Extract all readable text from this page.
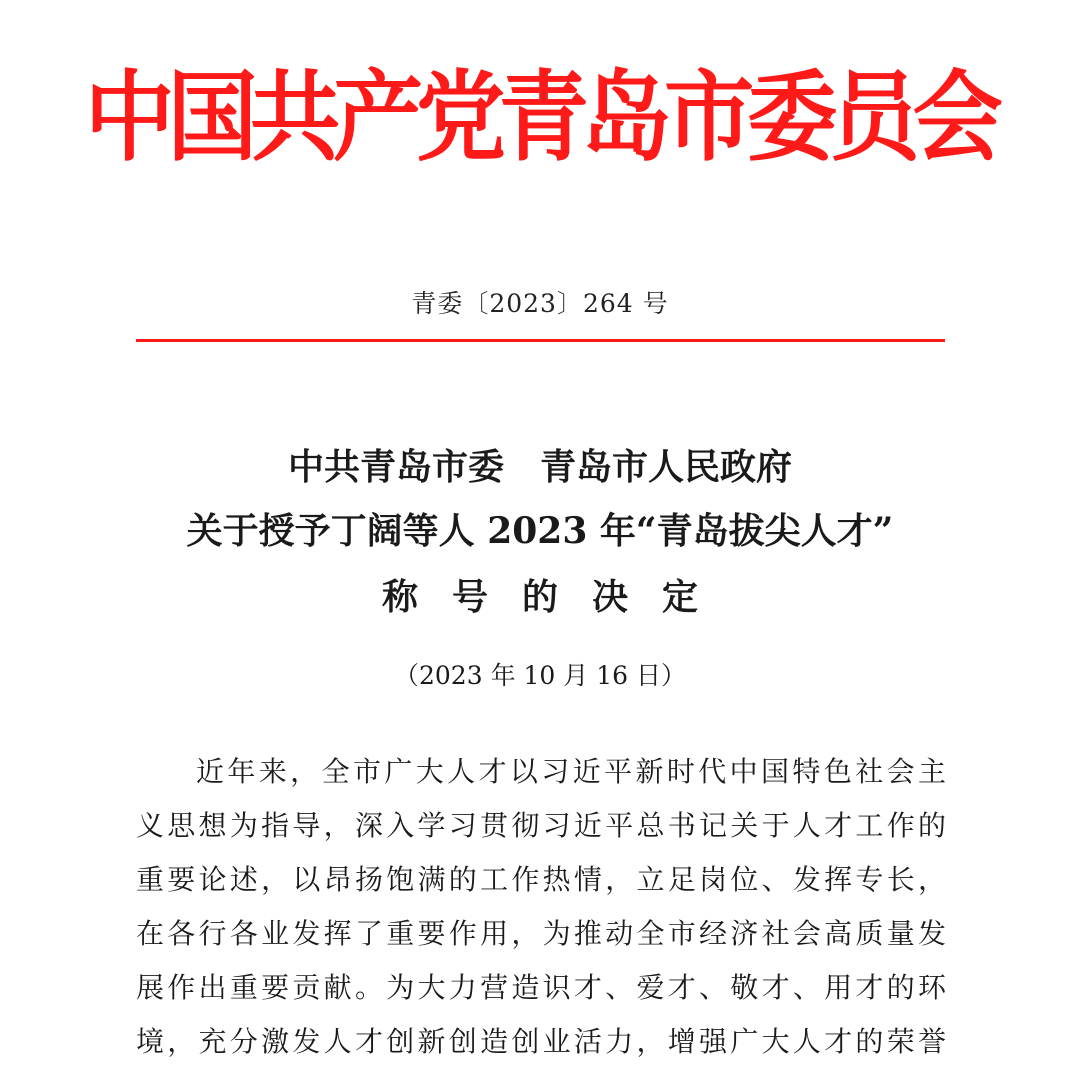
中国共产党青岛市委员会
青委〔2023〕264 号
中共青岛市委　青岛市人民政府
关于授予丁阔等人 2023 年“青岛拔尖人才”
称号的决定
（2023 年 10 月 16 日）
近年来，全市广大人才以习近平新时代中国特色社会主
义思想为指导，深入学习贯彻习近平总书记关于人才工作的
重要论述，以昂扬饱满的工作热情，立足岗位、发挥专长，
在各行各业发挥了重要作用，为推动全市经济社会高质量发
展作出重要贡献。为大力营造识才、爱才、敬才、用才的环
境，充分激发人才创新创造创业活力，增强广大人才的荣誉
